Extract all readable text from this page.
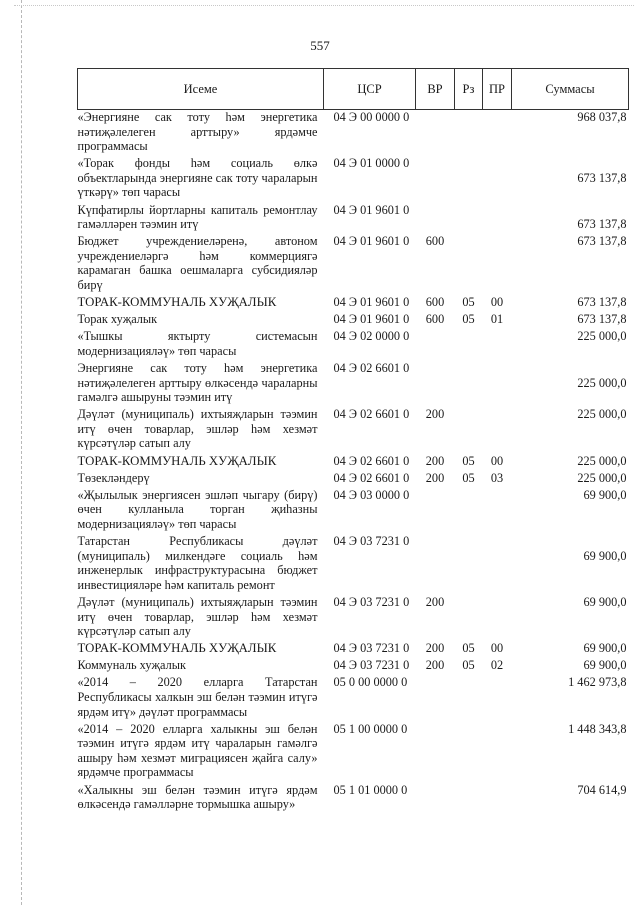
557
Исеме	ЦСР	ВР	Рз	ПР	Суммасы
«Энергияне сак тоту һәм энергетика нәтиҗәлелеген арттыру» ярдәмче программасы	04 Э 00 0000 0				968 037,8
«Торак фонды һәм социаль өлкә объектларында энергияне сак тоту чараларын үткәрү» төп чарасы	04 Э 01 0000 0				673 137,8
Күпфатирлы йортларны капиталь ремонтлау гамәлләрен тәэмин итү	04 Э 01 9601 0				673 137,8
Бюджет учреждениеләренә, автоном учреждениеләргә һәм коммерциягә карамаган башка оешмаларга субсидияләр бирү	04 Э 01 9601 0	600			673 137,8
ТОРАК-КОММУНАЛЬ ХУҖАЛЫК	04 Э 01 9601 0	600	05	00	673 137,8
Торак хуҗалык	04 Э 01 9601 0	600	05	01	673 137,8
«Тышкы яктырту системасын модернизацияләү» төп чарасы	04 Э 02 0000 0				225 000,0
Энергияне сак тоту һәм энергетика нәтиҗәлелеген арттыру өлкәсендә чараларны гамәлгә ашыруны тәэмин итү	04 Э 02 6601 0				225 000,0
Дәүләт (муниципаль) ихтыяҗларын тәэмин итү өчен товарлар, эшләр һәм хезмәт күрсәтүләр сатып алу	04 Э 02 6601 0	200			225 000,0
ТОРАК-КОММУНАЛЬ ХУҖАЛЫК	04 Э 02 6601 0	200	05	00	225 000,0
Төзекләндерү	04 Э 02 6601 0	200	05	03	225 000,0
«Җылылык энергиясен эшләп чыгару (бирү) өчен кулланыла торган җиһазны модернизацияләү» төп чарасы	04 Э 03 0000 0				69 900,0
Татарстан Республикасы дәүләт (муниципаль) милкендәге социаль һәм инженерлык инфраструктурасына бюджет инвестицияләре һәм капиталь ремонт	04 Э 03 7231 0				69 900,0
Дәүләт (муниципаль) ихтыяҗларын тәэмин итү өчен товарлар, эшләр һәм хезмәт күрсәтүләр сатып алу	04 Э 03 7231 0	200			69 900,0
ТОРАК-КОММУНАЛЬ ХУҖАЛЫК	04 Э 03 7231 0	200	05	00	69 900,0
Коммуналь хуҗалык	04 Э 03 7231 0	200	05	02	69 900,0
«2014 – 2020 елларга Татарстан Республикасы халкын эш белән тәэмин итүгә ярдәм итү» дәүләт программасы	05 0 00 0000 0				1 462 973,8
«2014 – 2020 елларга халыкны эш белән тәэмин итүгә ярдәм итү чараларын гамәлгә ашыру һәм хезмәт миграциясен җайга салу» ярдәмче программасы	05 1 00 0000 0				1 448 343,8
«Халыкны эш белән тәэмин итүгә ярдәм өлкәсендә гамәлләрне тормышка ашыру»	05 1 01 0000 0				704 614,9
